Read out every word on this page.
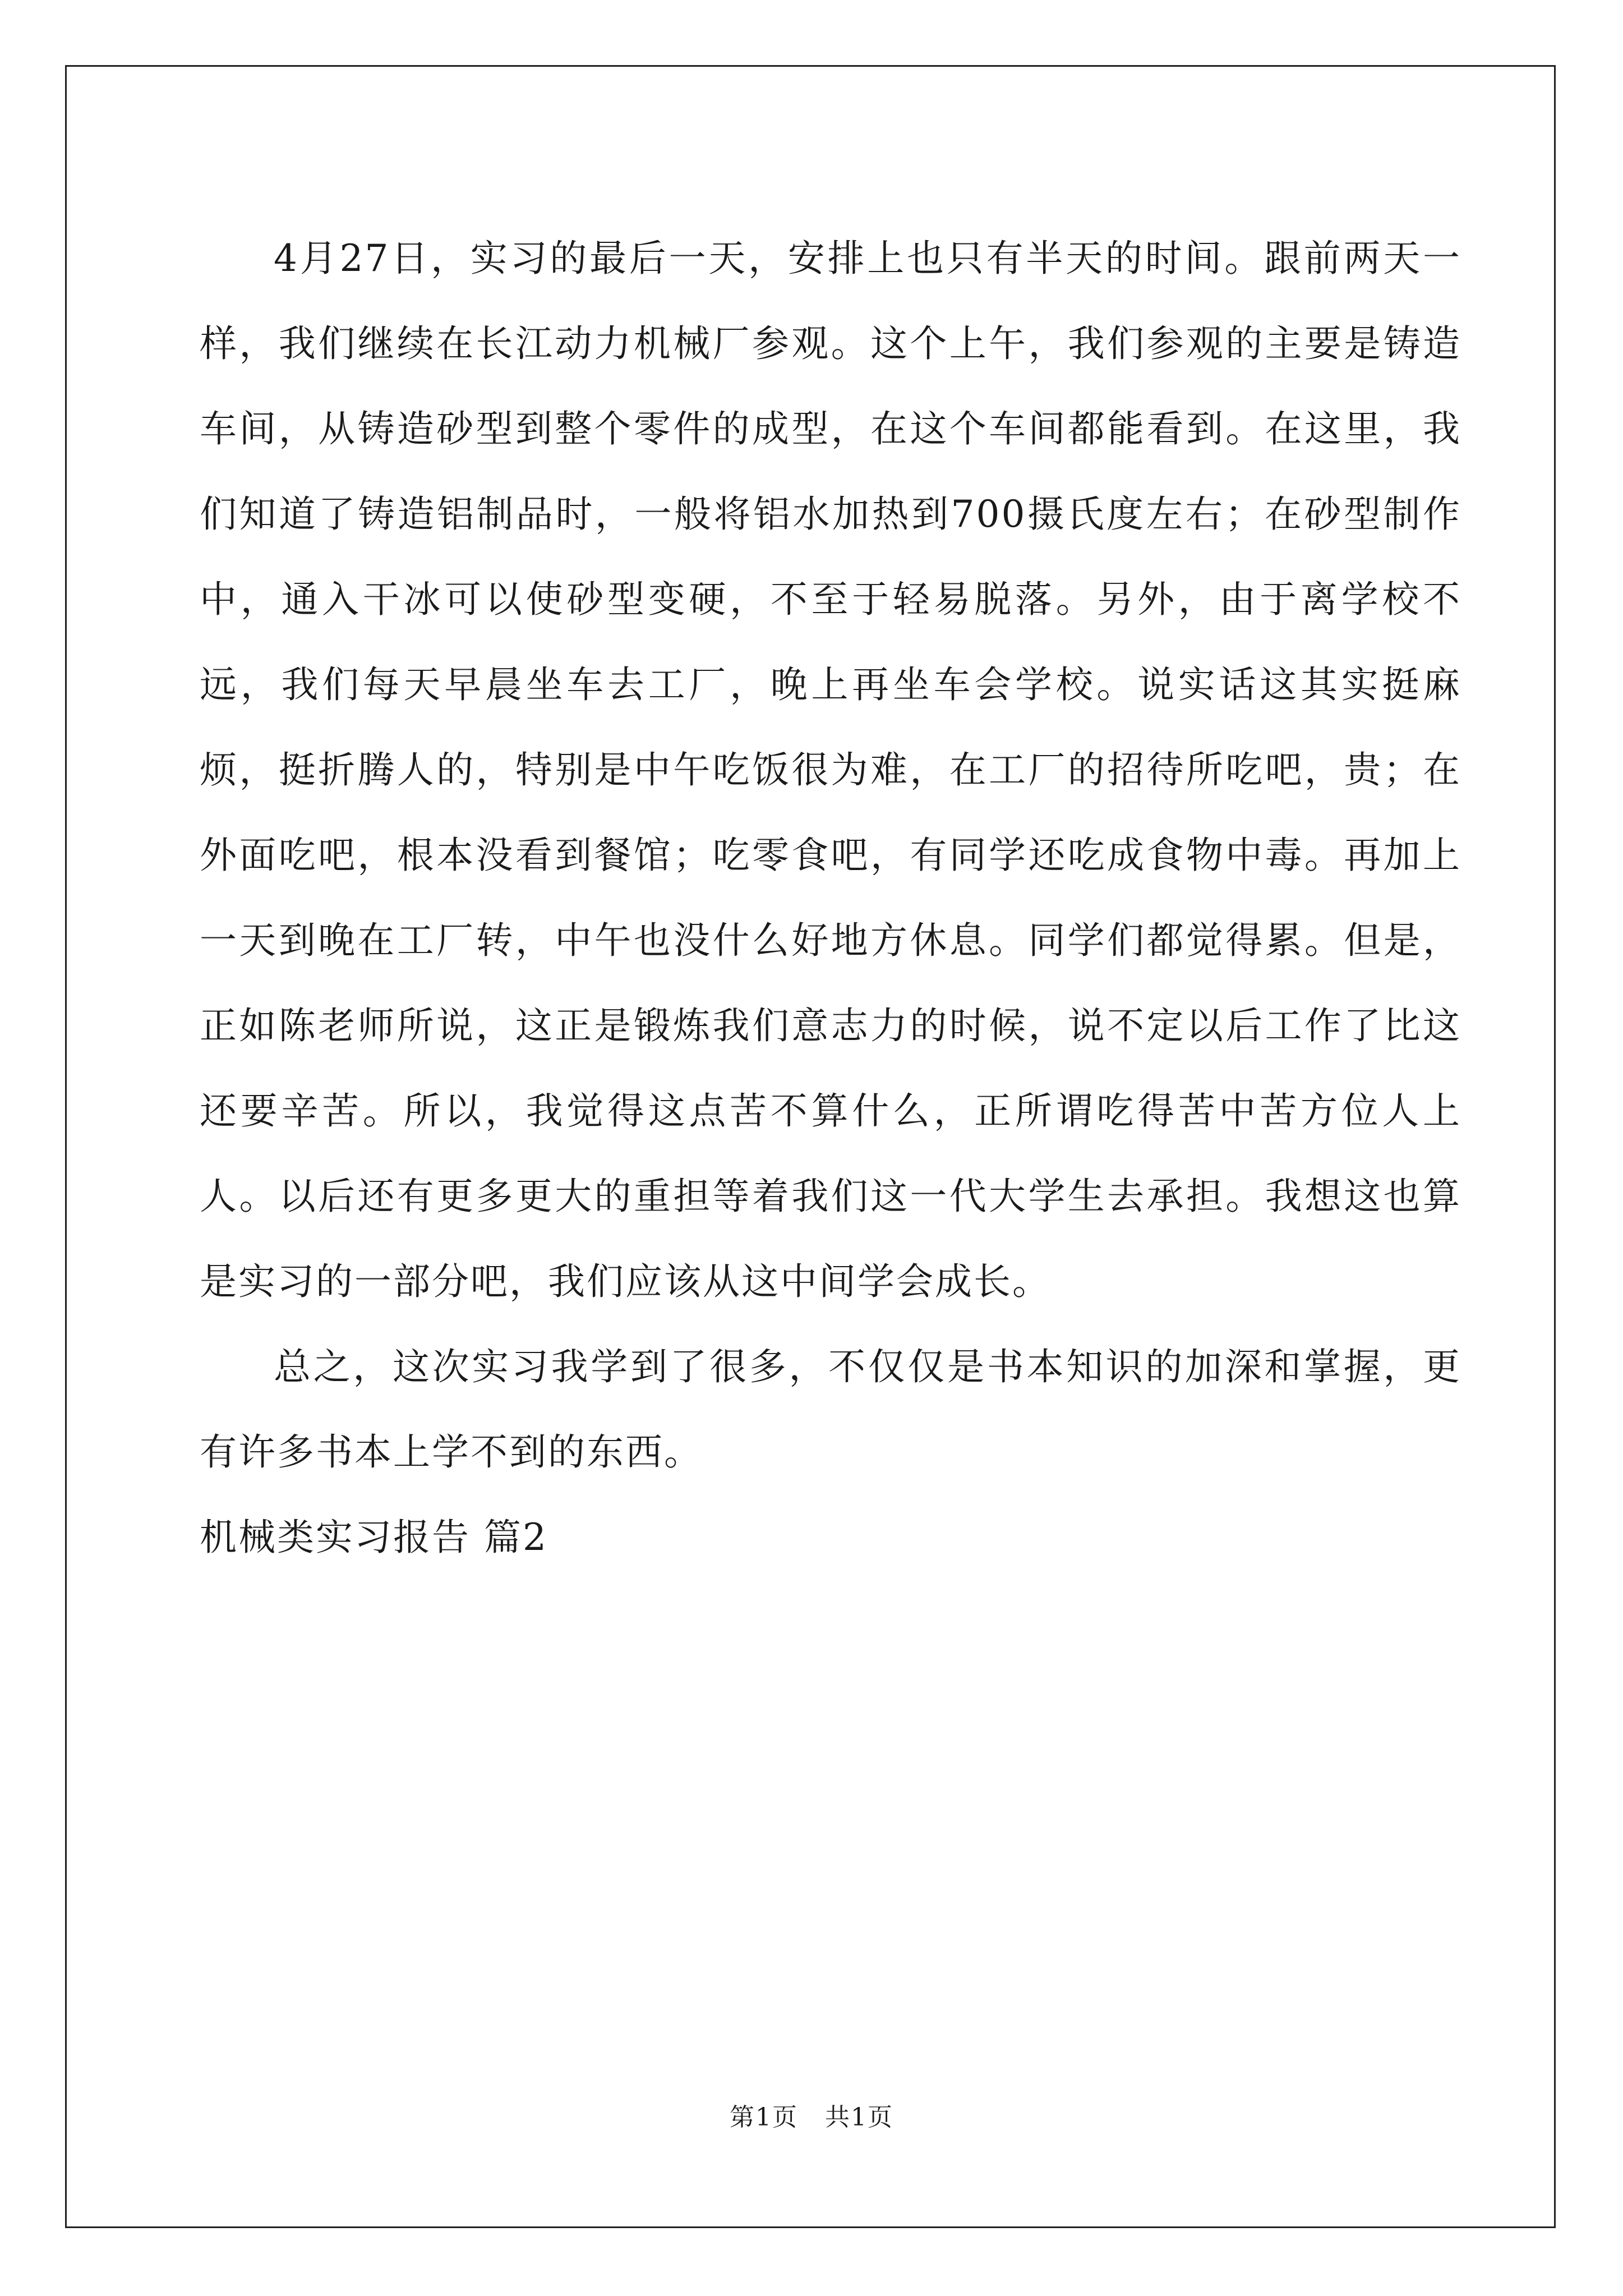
4月27日，实习的最后一天，安排上也只有半天的时间。跟前两天一样，我们继续在长江动力机械厂参观。这个上午，我们参观的主要是铸造车间，从铸造砂型到整个零件的成型，在这个车间都能看到。在这里，我们知道了铸造铝制品时，一般将铝水加热到700摄氏度左右；在砂型制作中，通入干冰可以使砂型变硬，不至于轻易脱落。另外，由于离学校不远，我们每天早晨坐车去工厂，晚上再坐车会学校。说实话这其实挺麻烦，挺折腾人的，特别是中午吃饭很为难，在工厂的招待所吃吧，贵；在外面吃吧，根本没看到餐馆；吃零食吧，有同学还吃成食物中毒。再加上一天到晚在工厂转，中午也没什么好地方休息。同学们都觉得累。但是，正如陈老师所说，这正是锻炼我们意志力的时候，说不定以后工作了比这还要辛苦。所以，我觉得这点苦不算什么，正所谓吃得苦中苦方位人上人。以后还有更多更大的重担等着我们这一代大学生去承担。我想这也算是实习的一部分吧，我们应该从这中间学会成长。

总之，这次实习我学到了很多，不仅仅是书本知识的加深和掌握，更有许多书本上学不到的东西。

机械类实习报告 篇2

第1页   共1页
